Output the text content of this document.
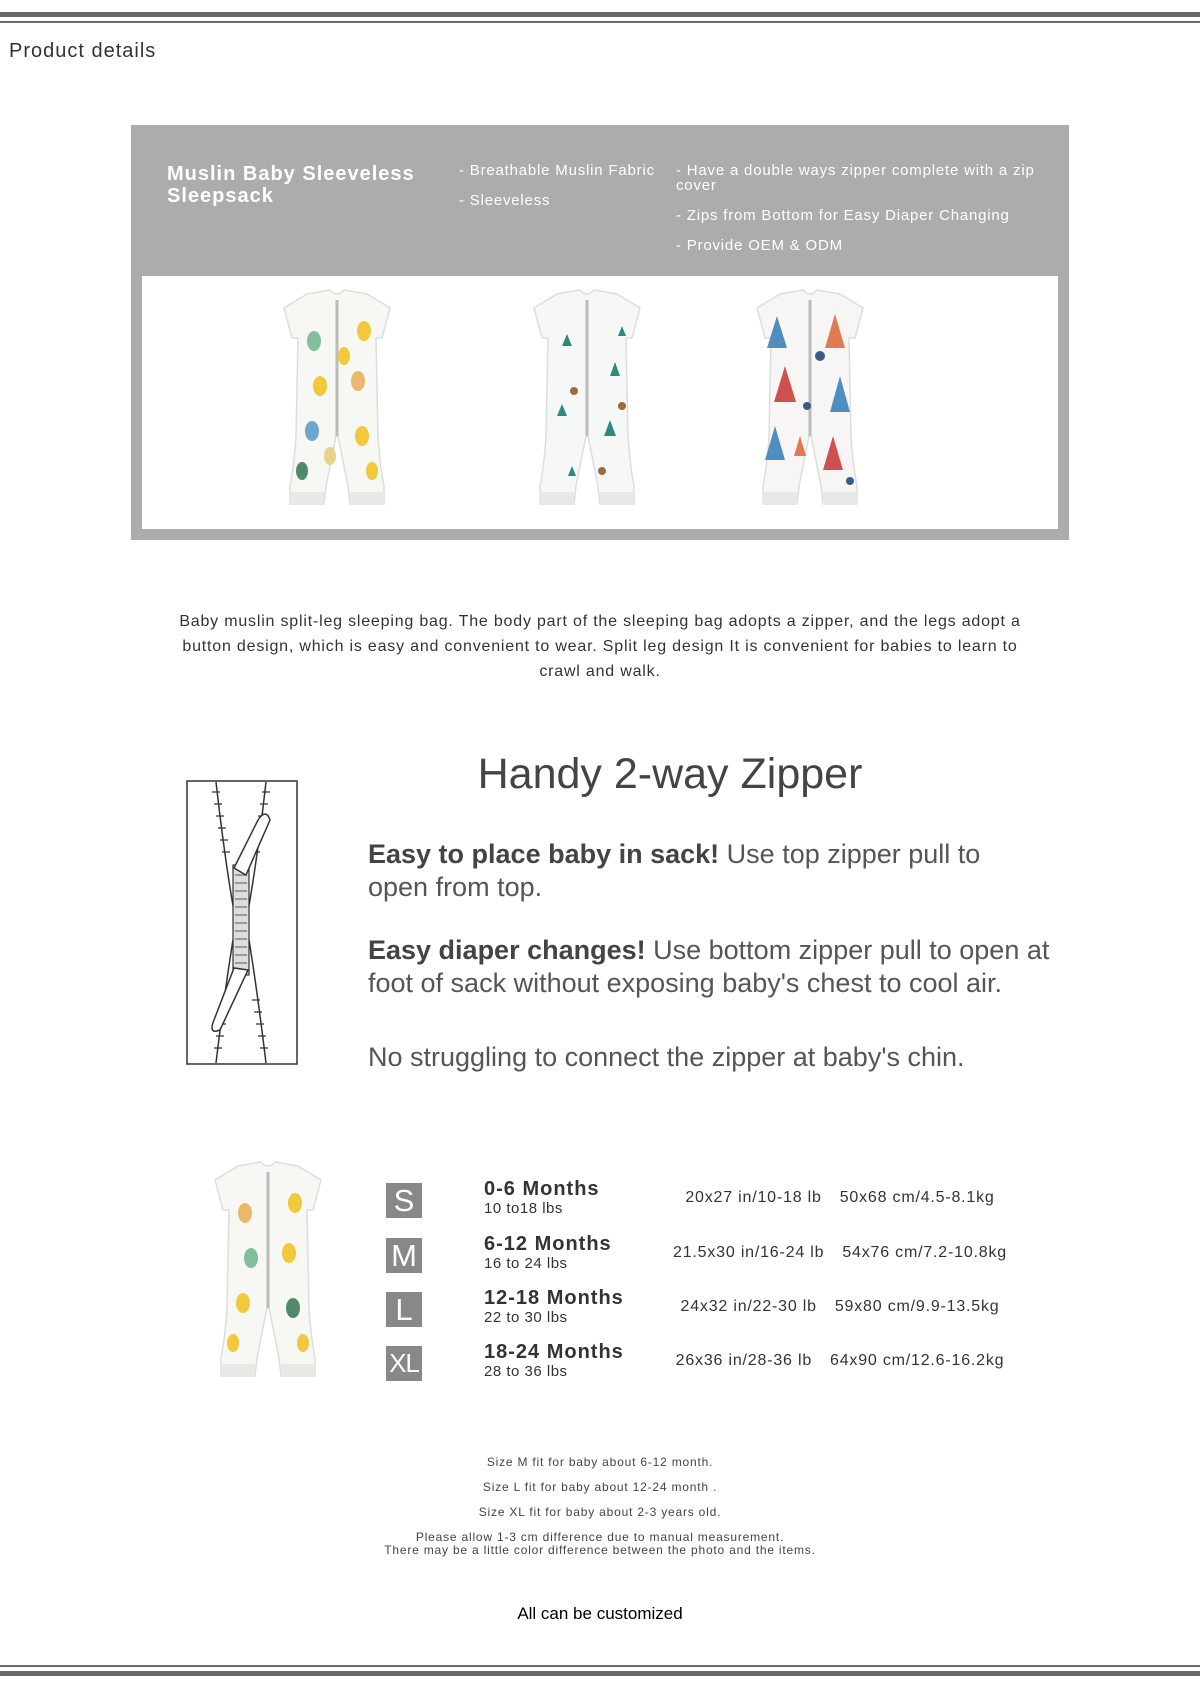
Product details
Muslin Baby Sleeveless Sleepsack

- Breathable Muslin Fabric

- Sleeveless

- Have a double ways zipper complete with a zip cover

- Zips from Bottom for Easy Diaper Changing

- Provide OEM & ODM

Baby muslin split-leg sleeping bag. The body part of the sleeping bag adopts a zipper, and the legs adopt a button design, which is easy and convenient to wear. Split leg design It is convenient for babies to learn to crawl and walk.

Handy 2-way Zipper

Easy to place baby in sack! Use top zipper pull to open from top.

Easy diaper changes! Use bottom zipper pull to open at foot of sack without exposing baby's chest to cool air.

No struggling to connect the zipper at baby's chin.

S	0-6 Months
10 to18 lbs
20x27 in/10-18 lb 50x68 cm/4.5-8.1kg
M	6-12 Months
16 to 24 lbs
21.5x30 in/16-24 lb 54x76 cm/7.2-10.8kg
L	12-18 Months
22 to 30 lbs
24x32 in/22-30 lb 59x80 cm/9.9-13.5kg
XL	18-24 Months
28 to 36 lbs
26x36 in/28-36 lb 64x90 cm/12.6-16.2kg

Size M fit for baby about 6-12 month.

Size L fit for baby about 12-24 month .

Size XL fit for baby about 2-3 years old.

Please allow 1-3 cm difference due to manual measurement.

There may be a little color difference between the photo and the items.

All can be customized
